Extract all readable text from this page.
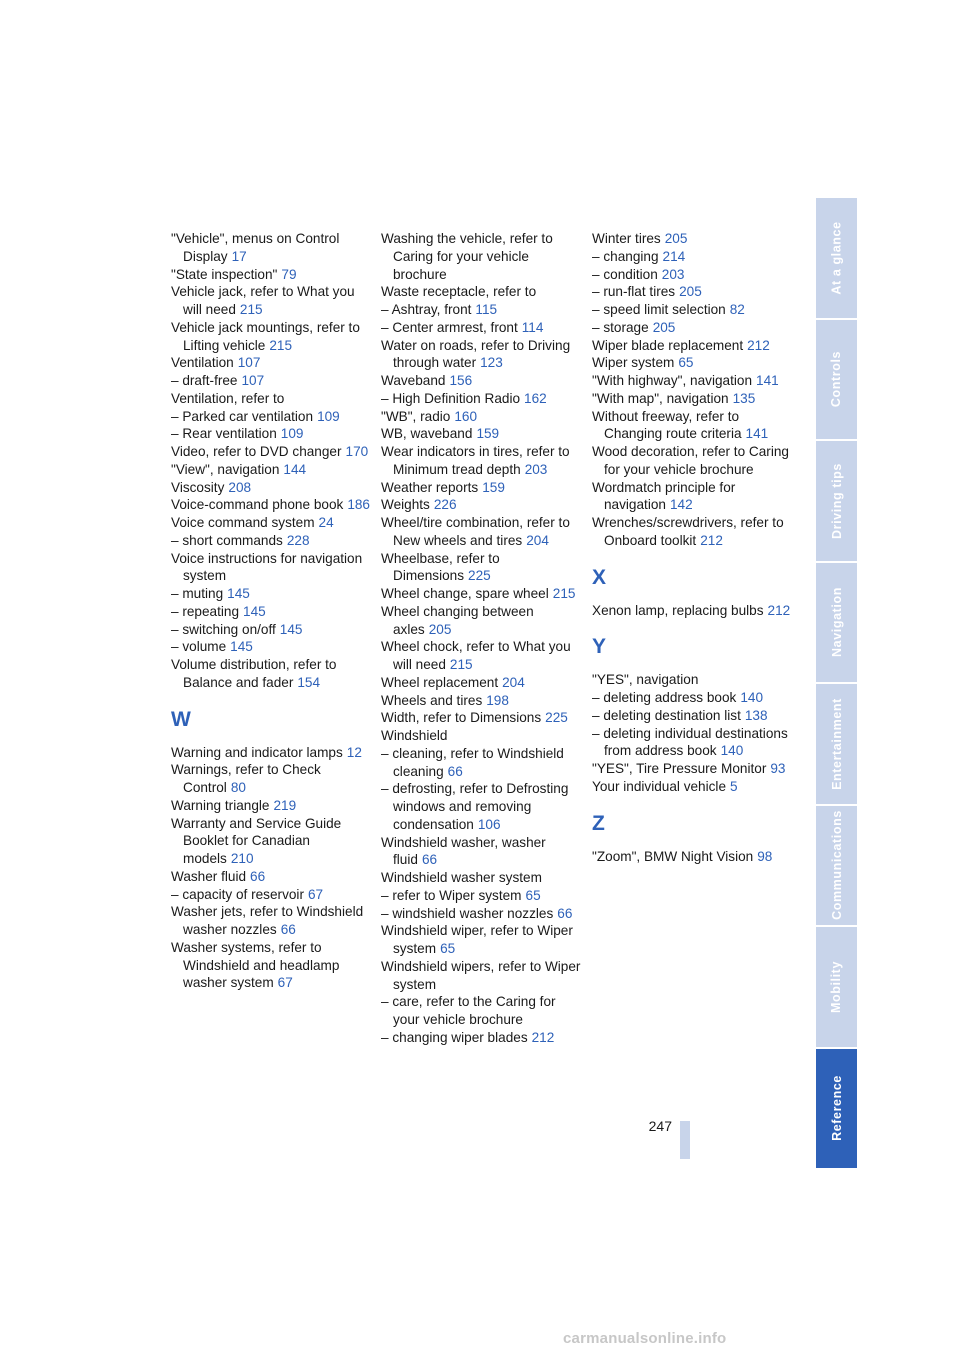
"Vehicle", menus on Control Display 17
"State inspection" 79
Vehicle jack, refer to What you will need 215
Vehicle jack mountings, refer to Lifting vehicle 215
Ventilation 107
– draft-free 107
Ventilation, refer to
– Parked car ventilation 109
– Rear ventilation 109
Video, refer to DVD changer 170
"View", navigation 144
Viscosity 208
Voice-command phone book 186
Voice command system 24
– short commands 228
Voice instructions for navigation system
– muting 145
– repeating 145
– switching on/off 145
– volume 145
Volume distribution, refer to Balance and fader 154
W
Warning and indicator lamps 12
Warnings, refer to Check Control 80
Warning triangle 219
Warranty and Service Guide Booklet for Canadian models 210
Washer fluid 66
– capacity of reservoir 67
Washer jets, refer to Windshield washer nozzles 66
Washer systems, refer to Windshield and headlamp washer system 67
Washing the vehicle, refer to Caring for your vehicle brochure
Waste receptacle, refer to
– Ashtray, front 115
– Center armrest, front 114
Water on roads, refer to Driving through water 123
Waveband 156
– High Definition Radio 162
"WB", radio 160
WB, waveband 159
Wear indicators in tires, refer to Minimum tread depth 203
Weather reports 159
Weights 226
Wheel/tire combination, refer to New wheels and tires 204
Wheelbase, refer to Dimensions 225
Wheel change, spare wheel 215
Wheel changing between axles 205
Wheel chock, refer to What you will need 215
Wheel replacement 204
Wheels and tires 198
Width, refer to Dimensions 225
Windshield
– cleaning, refer to Windshield cleaning 66
– defrosting, refer to Defrosting windows and removing condensation 106
Windshield washer, washer fluid 66
Windshield washer system
– refer to Wiper system 65
– windshield washer nozzles 66
Windshield wiper, refer to Wiper system 65
Windshield wipers, refer to Wiper system
– care, refer to the Caring for your vehicle brochure
– changing wiper blades 212
Winter tires 205
– changing 214
– condition 203
– run-flat tires 205
– speed limit selection 82
– storage 205
Wiper blade replacement 212
Wiper system 65
"With highway", navigation 141
"With map", navigation 135
Without freeway, refer to Changing route criteria 141
Wood decoration, refer to Caring for your vehicle brochure
Wordmatch principle for navigation 142
Wrenches/screwdrivers, refer to Onboard toolkit 212
X
Xenon lamp, replacing bulbs 212
Y
"YES", navigation
– deleting address book 140
– deleting destination list 138
– deleting individual destinations from address book 140
"YES", Tire Pressure Monitor 93
Your individual vehicle 5
Z
"Zoom", BMW Night Vision 98
At a glance
Controls
Driving tips
Navigation
Entertainment
Communications
Mobility
Reference
247
carmanualsonline.info
